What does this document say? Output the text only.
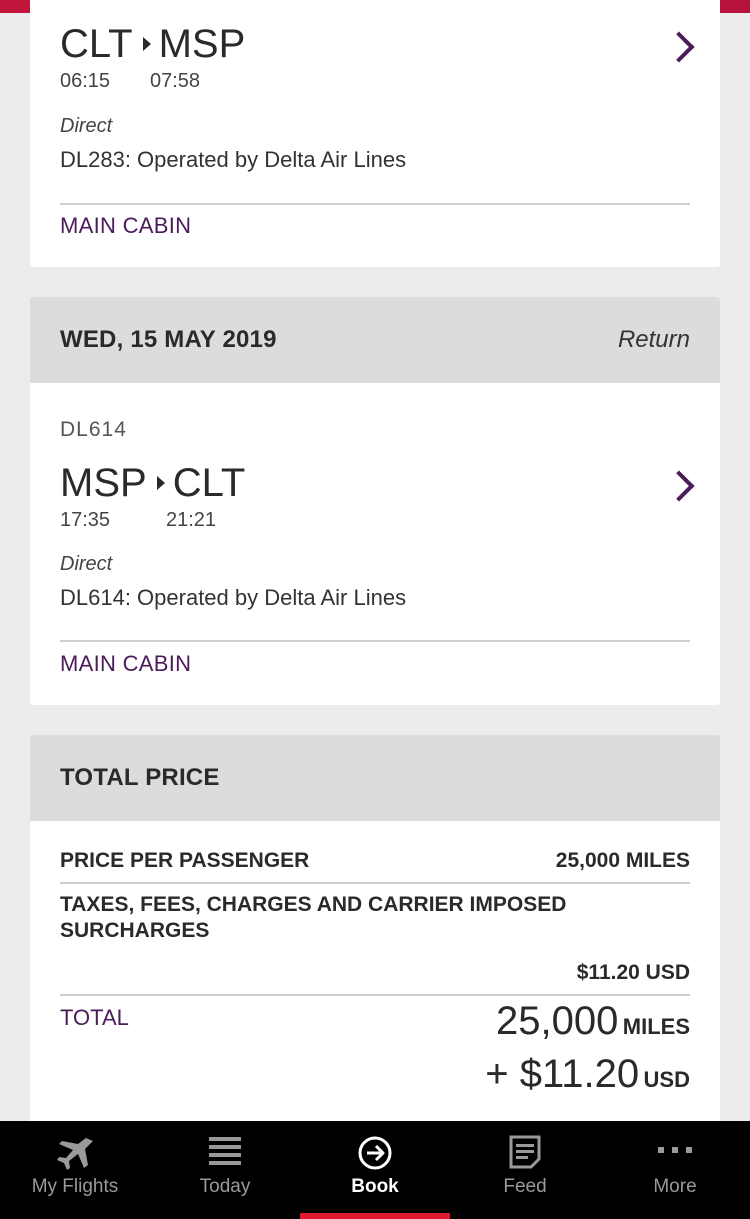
CLT MSP
06:15 07:58
Direct
DL283: Operated by Delta Air Lines
MAIN CABIN
WED, 15 MAY 2019	Return
DL614
MSP CLT
17:35	21:21
Direct
DL614: Operated by Delta Air Lines
MAIN CABIN
TOTAL PRICE
PRICE PER PASSENGER	25,000 MILES
TAXES, FEES, CHARGES AND CARRIER IMPOSED SURCHARGES
$11.20 USD
TOTAL	25,000 MILES
+ $11.20 USD
My Flights	Today	Book	Feed	More
